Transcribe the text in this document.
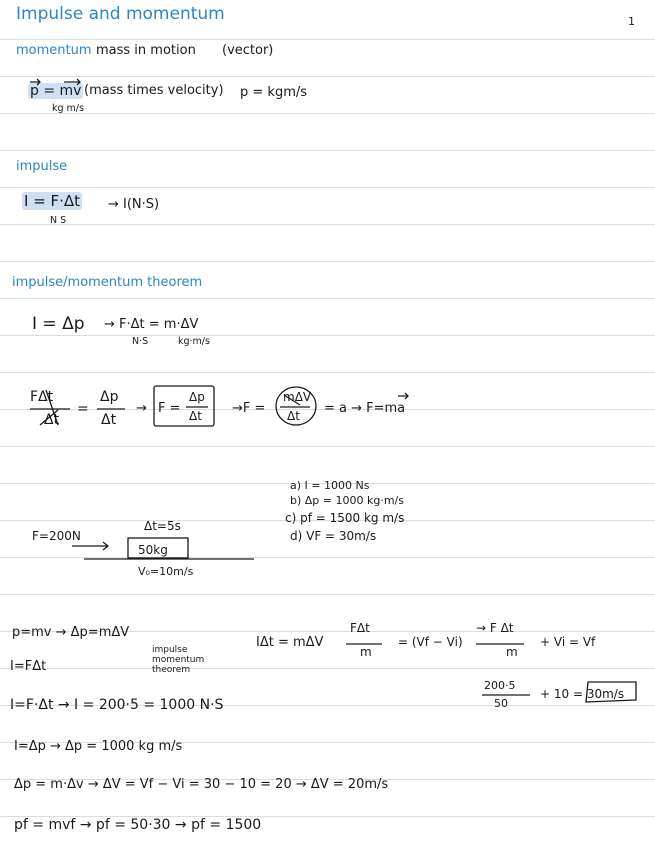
1
Impulse and momentum
momentum mass in motion (vector)
p = mv (mass times velocity) p = kgm/s
kg m/s
impulse
I = F·Δt → I(N·S)
N S
impulse/momentum theorem
I = Δp → F·Δt = m·ΔV
N·S	kg·m/s
FΔt
Δt
=
Δp
Δt
→ F =
Δp
Δt →F =
mΔV
Δt = a → F=ma
a) I = 1000 Ns
b) Δp = 1000 kg·m/s
c) pf = 1500 kg m/s
d) VF = 30m/s
F=200N
Δt=5s
50kg
V₀=10m/s
p=mv → Δp=mΔV
I=FΔt
I=F·Δt → I = 200·5 = 1000 N·S
I=Δp → Δp = 1000 kg m/s
Δp = m·Δv → ΔV = Vf − Vi = 30 − 10 = 20 → ΔV = 20m/s
pf = mvf → pf = 50·30 → pf = 1500
impulse momentum theorem
IΔt = mΔV
FΔt
m
= (Vf − Vi)
→ F Δt
m
+ Vi = Vf
200·5
50
+ 10 = 30m/s
